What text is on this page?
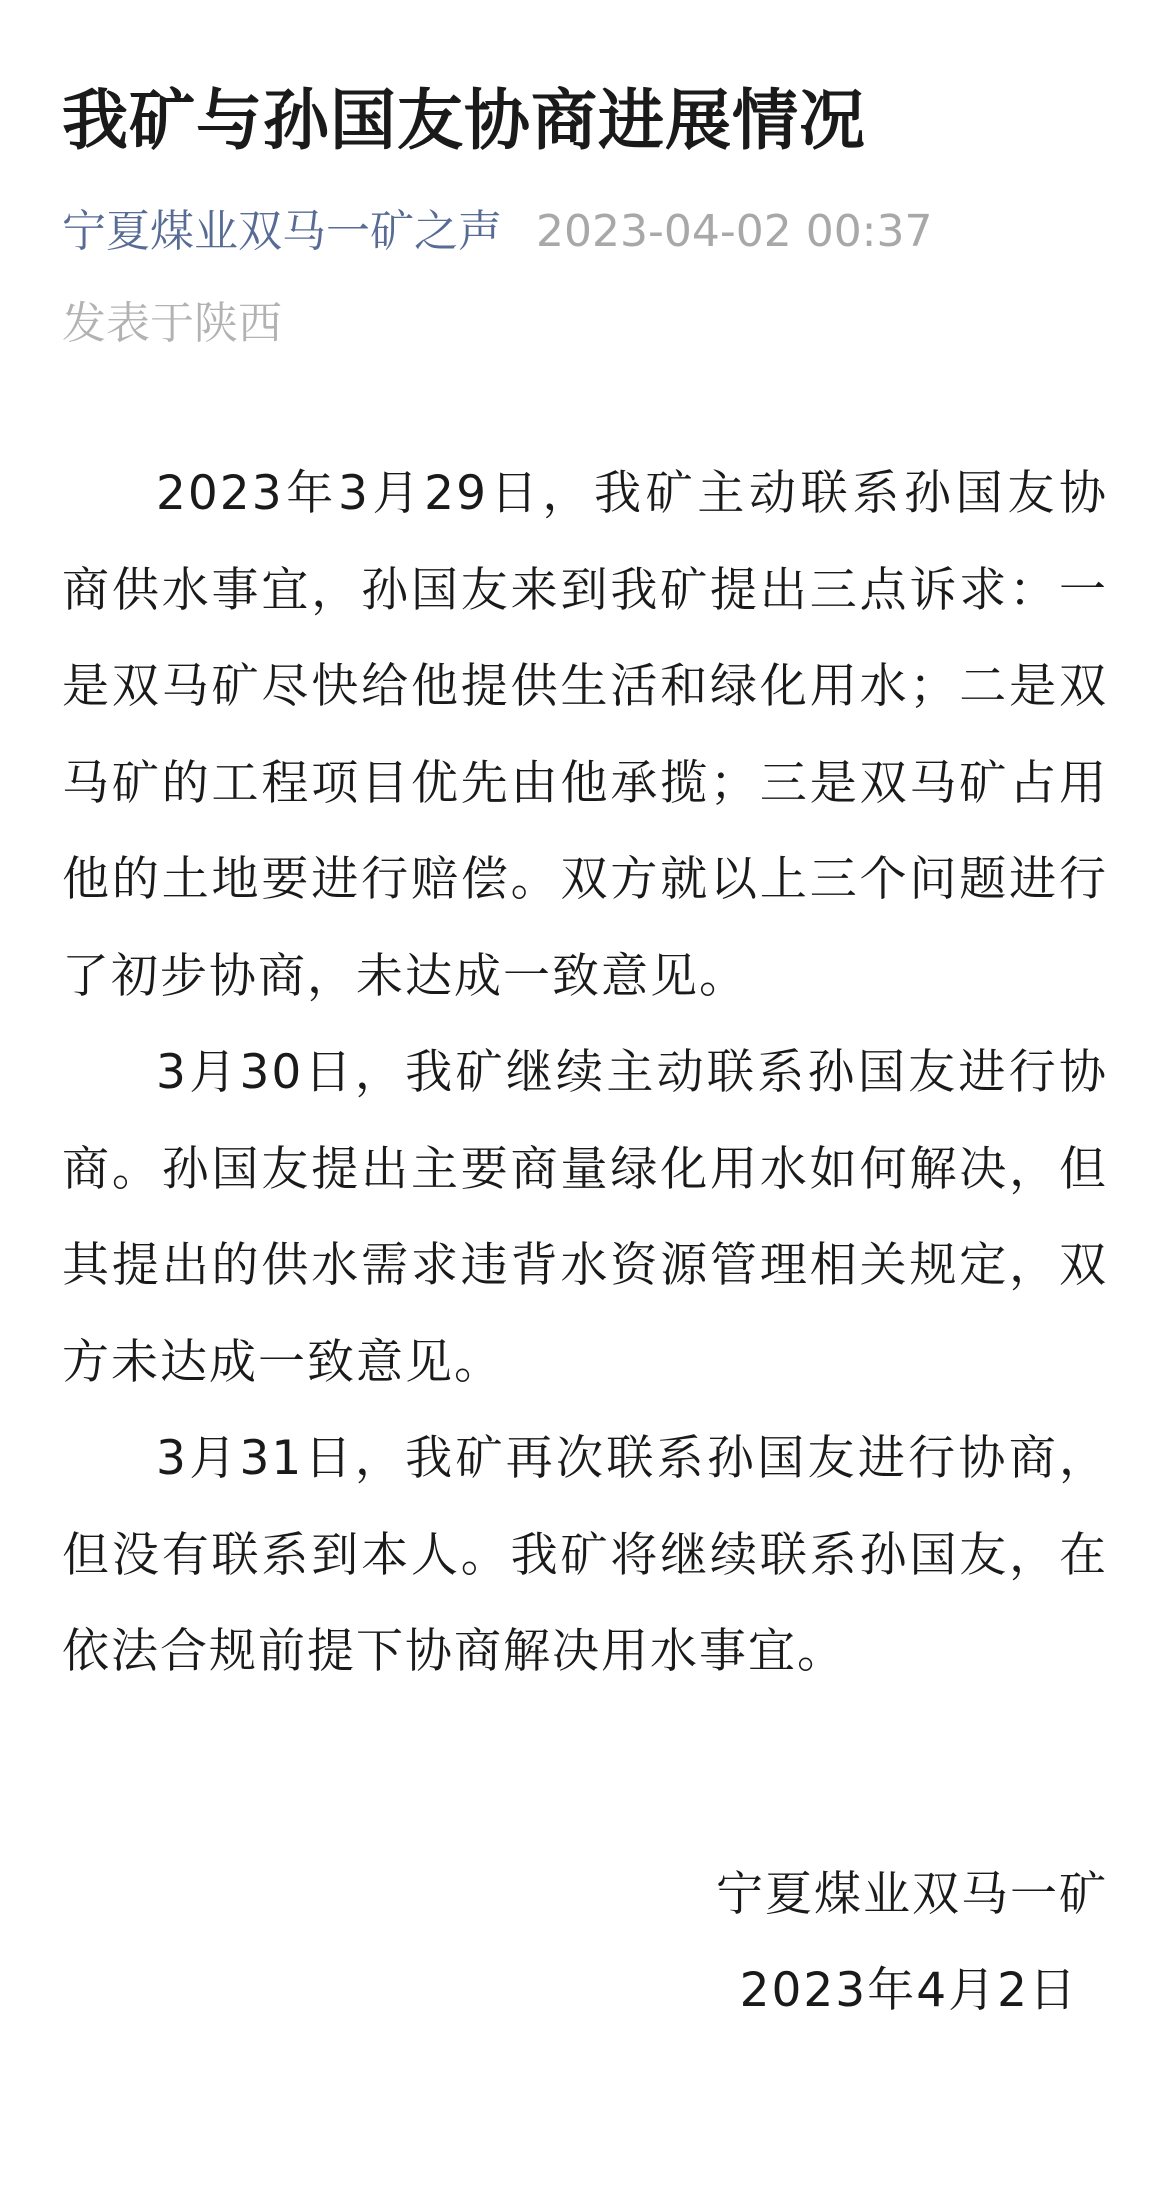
我矿与孙国友协商进展情况
宁夏煤业双马一矿之声 2023-04-02 00:37
发表于陕西

2023年3月29日，我矿主动联系孙国友协商供水事宜，孙国友来到我矿提出三点诉求：一是双马矿尽快给他提供生活和绿化用水；二是双马矿的工程项目优先由他承揽；三是双马矿占用他的土地要进行赔偿。双方就以上三个问题进行了初步协商，未达成一致意见。

3月30日，我矿继续主动联系孙国友进行协商。孙国友提出主要商量绿化用水如何解决，但其提出的供水需求违背水资源管理相关规定，双方未达成一致意见。

3月31日，我矿再次联系孙国友进行协商，但没有联系到本人。我矿将继续联系孙国友，在依法合规前提下协商解决用水事宜。

宁夏煤业双马一矿
2023年4月2日
